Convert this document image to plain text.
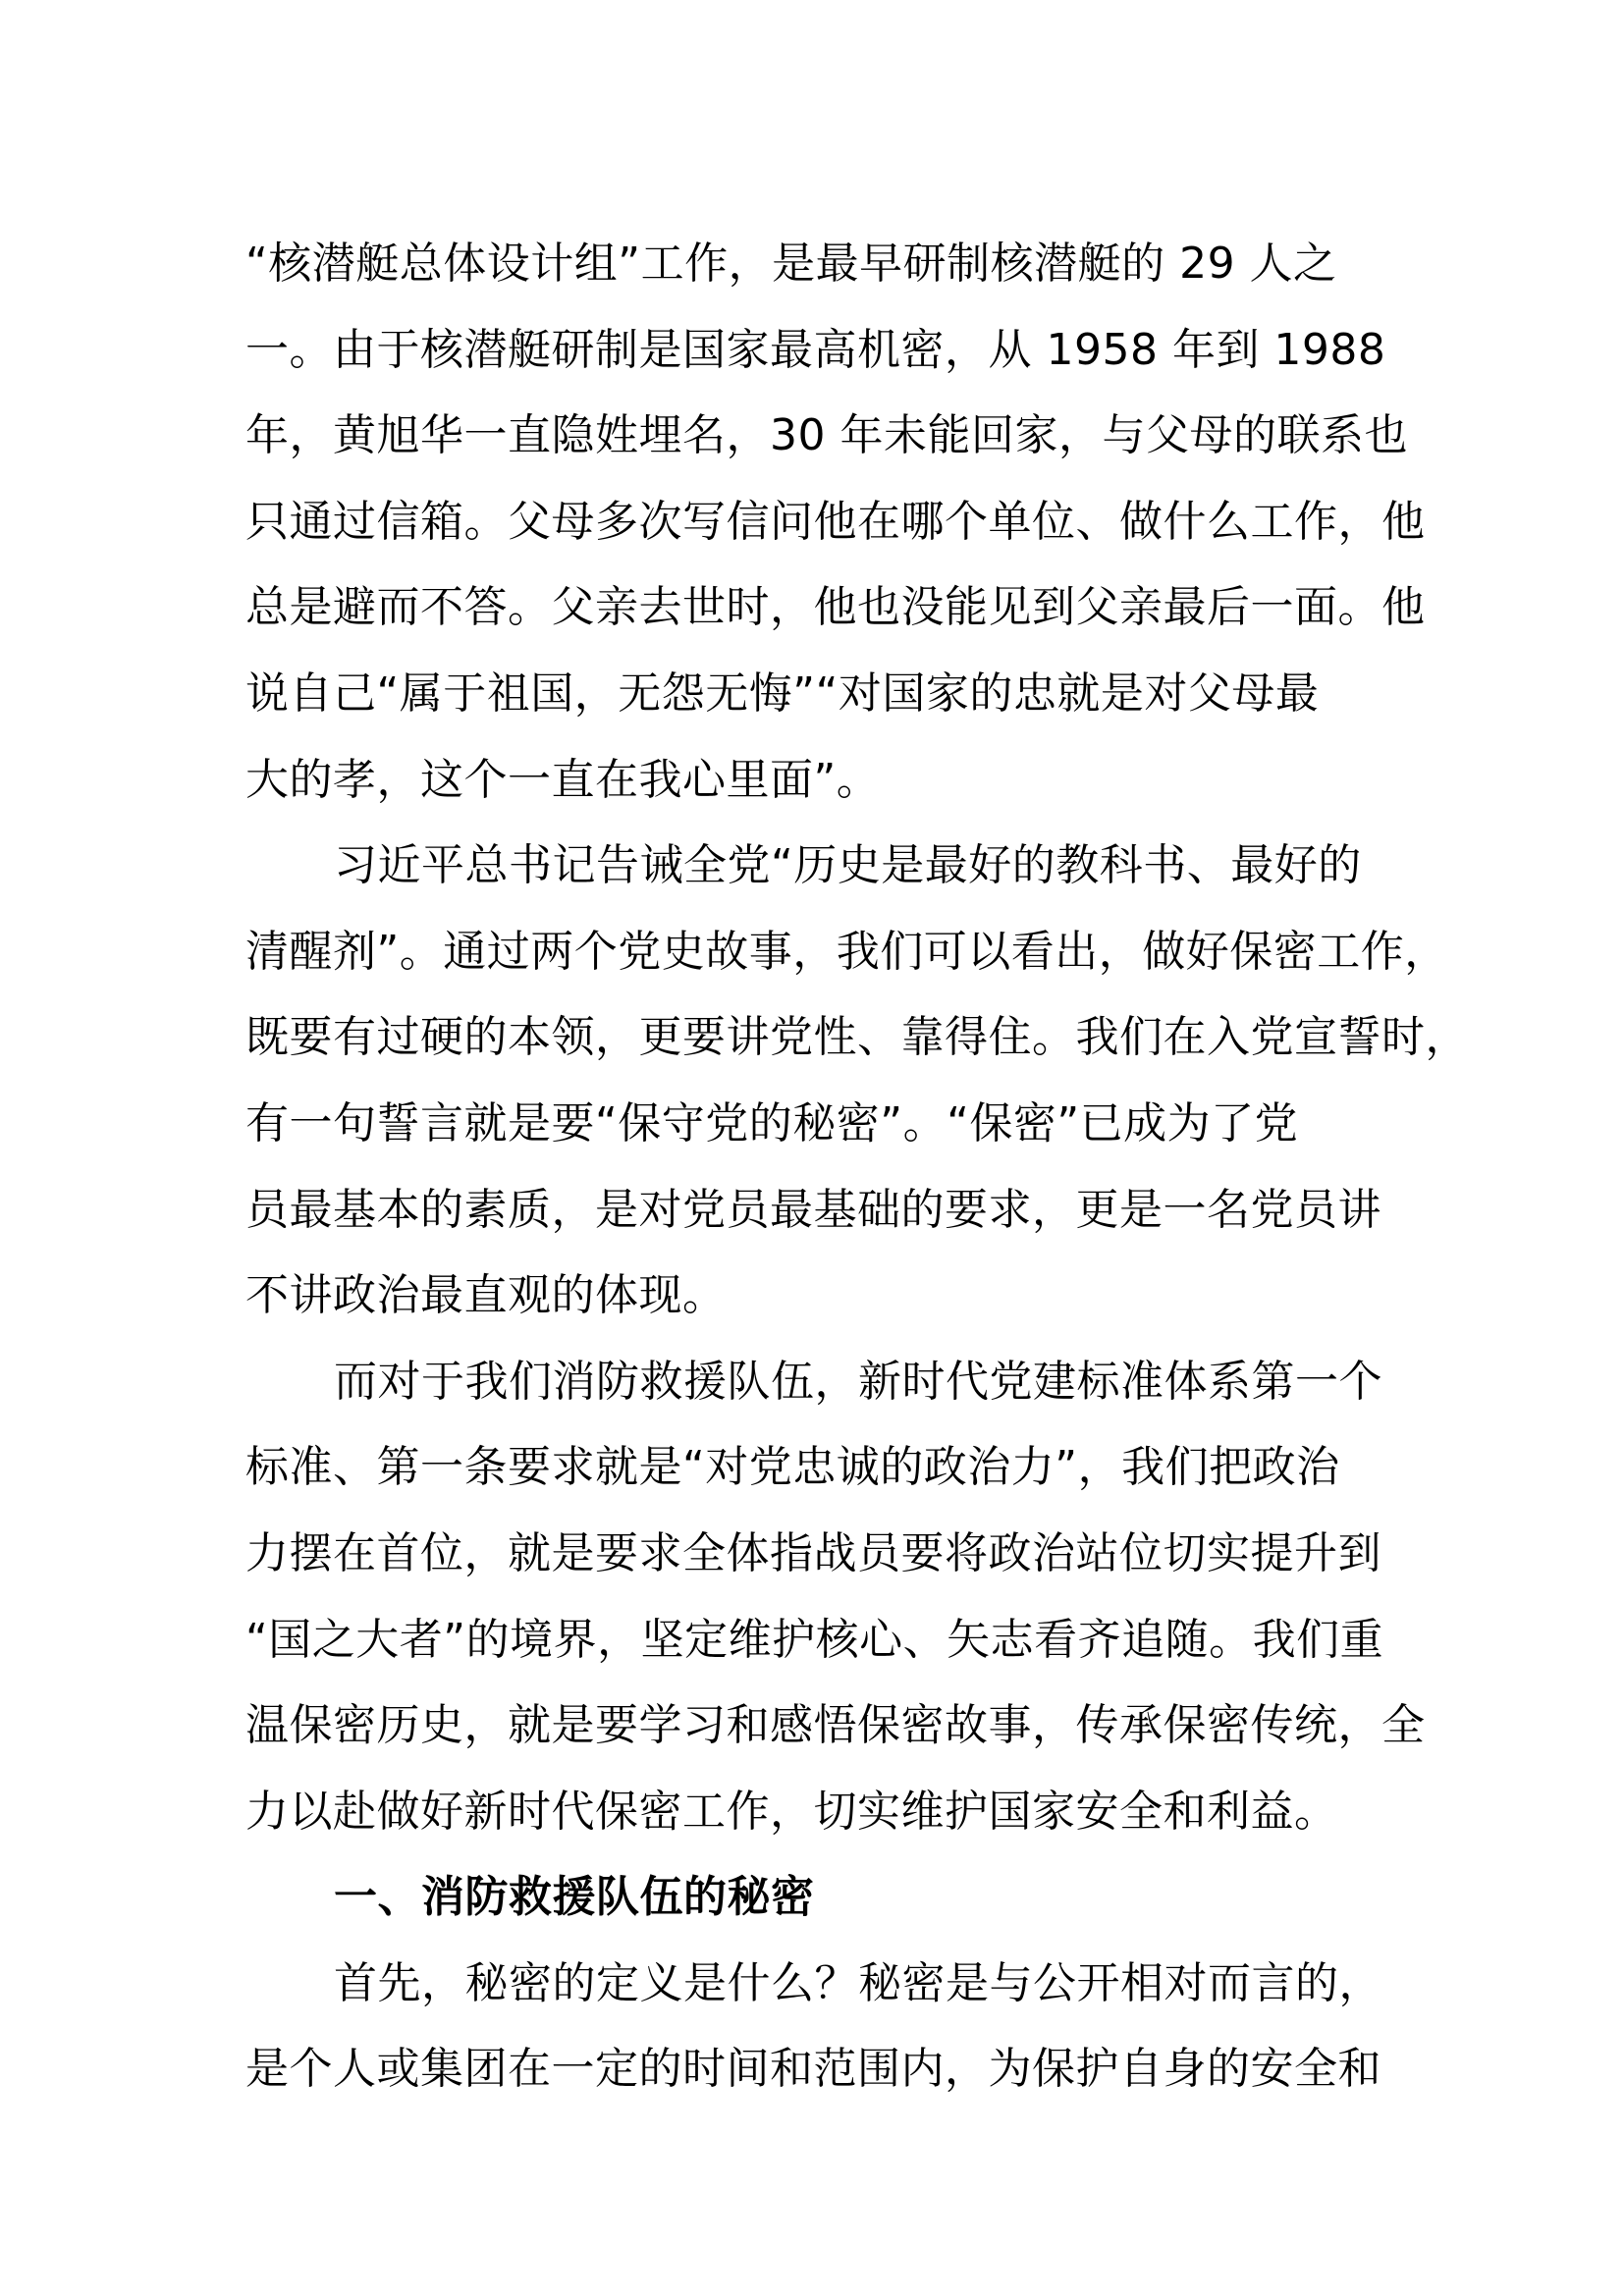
“核潜艇总体设计组”工作，是最早研制核潜艇的 29 人之
一。由于核潜艇研制是国家最高机密，从 1958 年到 1988
年，黄旭华一直隐姓埋名，30 年未能回家，与父母的联系也
只通过信箱。父母多次写信问他在哪个单位、做什么工作，他
总是避而不答。父亲去世时，他也没能见到父亲最后一面。他
说自己“属于祖国，无怨无悔”“对国家的忠就是对父母最
大的孝，这个一直在我心里面”。
习近平总书记告诫全党“历史是最好的教科书、最好的
清醒剂”。通过两个党史故事，我们可以看出，做好保密工作，
既要有过硬的本领，更要讲党性、靠得住。我们在入党宣誓时，
有一句誓言就是要“保守党的秘密”。“保密”已成为了党
员最基本的素质，是对党员最基础的要求，更是一名党员讲
不讲政治最直观的体现。
而对于我们消防救援队伍，新时代党建标准体系第一个
标准、第一条要求就是“对党忠诚的政治力”，我们把政治
力摆在首位，就是要求全体指战员要将政治站位切实提升到
“国之大者”的境界，坚定维护核心、矢志看齐追随。我们重
温保密历史，就是要学习和感悟保密故事，传承保密传统，全
力以赴做好新时代保密工作，切实维护国家安全和利益。
一、消防救援队伍的秘密
首先，秘密的定义是什么？秘密是与公开相对而言的，
是个人或集团在一定的时间和范围内，为保护自身的安全和
